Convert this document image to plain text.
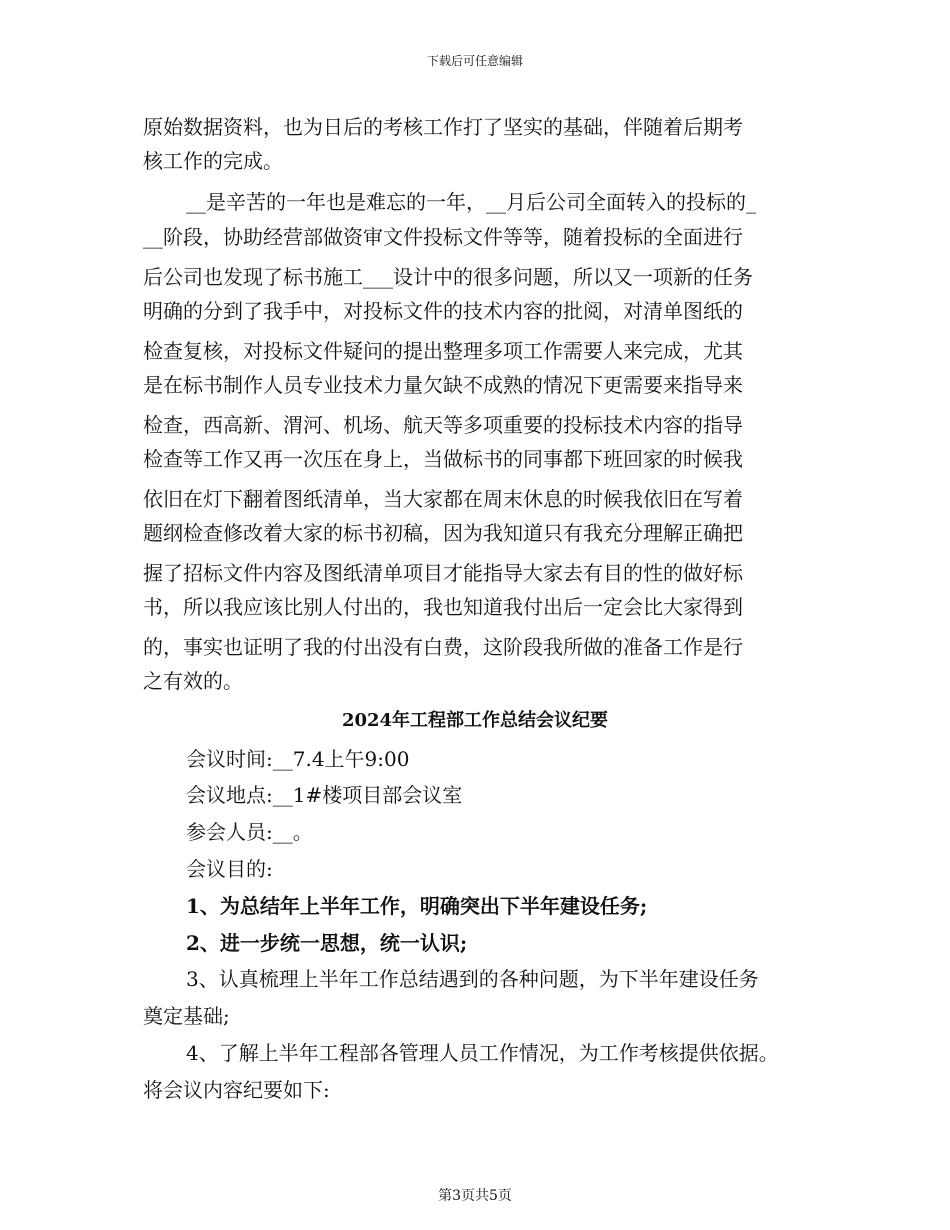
下载后可任意编辑
原始数据资料，也为日后的考核工作打了坚实的基础，伴随着后期考
核工作的完成。
__是辛苦的一年也是难忘的一年，__月后公司全面转入的投标的_
__阶段，协助经营部做资审文件投标文件等等，随着投标的全面进行
后公司也发现了标书施工___设计中的很多问题，所以又一项新的任务
明确的分到了我手中，对投标文件的技术内容的批阅，对清单图纸的
检查复核，对投标文件疑问的提出整理多项工作需要人来完成，尤其
是在标书制作人员专业技术力量欠缺不成熟的情况下更需要来指导来
检查，西高新、渭河、机场、航天等多项重要的投标技术内容的指导
检查等工作又再一次压在身上，当做标书的同事都下班回家的时候我
依旧在灯下翻着图纸清单，当大家都在周末休息的时候我依旧在写着
题纲检查修改着大家的标书初稿，因为我知道只有我充分理解正确把
握了招标文件内容及图纸清单项目才能指导大家去有目的性的做好标
书，所以我应该比别人付出的，我也知道我付出后一定会比大家得到
的，事实也证明了我的付出没有白费，这阶段我所做的准备工作是行
之有效的。
2024年工程部工作总结会议纪要
会议时间:__7.4上午9:00
会议地点:__1#楼项目部会议室
参会人员:__。
会议目的:
1、为总结年上半年工作，明确突出下半年建设任务;
2、进一步统一思想，统一认识;
3、认真梳理上半年工作总结遇到的各种问题，为下半年建设任务
奠定基础;
4、了解上半年工程部各管理人员工作情况，为工作考核提供依据。
将会议内容纪要如下:
第3页共5页
